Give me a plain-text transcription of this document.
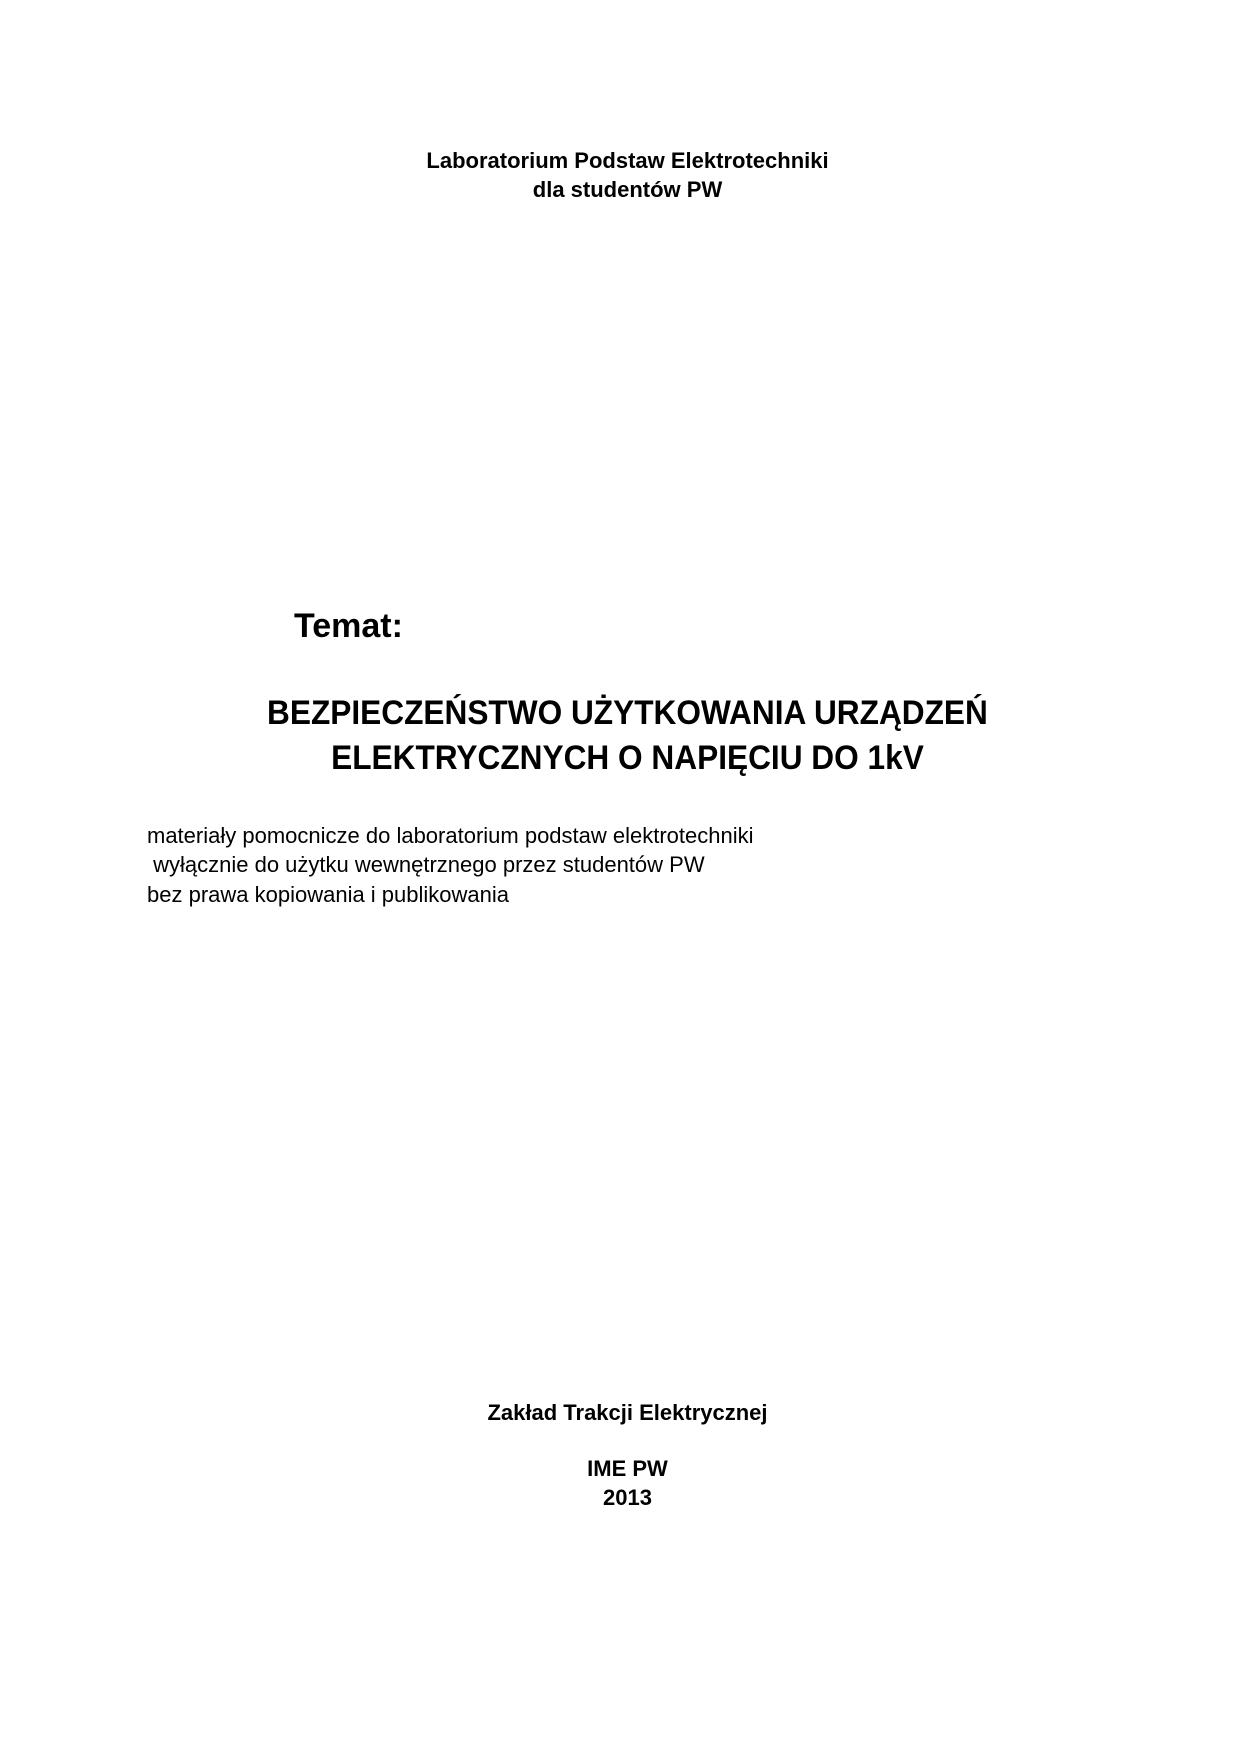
Laboratorium Podstaw Elektrotechniki
dla studentów PW
Temat:
BEZPIECZEŃSTWO UŻYTKOWANIA URZĄDZEŃ
ELEKTRYCZNYCH O NAPIĘCIU DO 1kV
materiały pomocnicze do laboratorium podstaw elektrotechniki
wyłącznie do użytku wewnętrznego przez studentów PW
bez prawa kopiowania i publikowania
Zakład Trakcji Elektrycznej
IME PW
2013
